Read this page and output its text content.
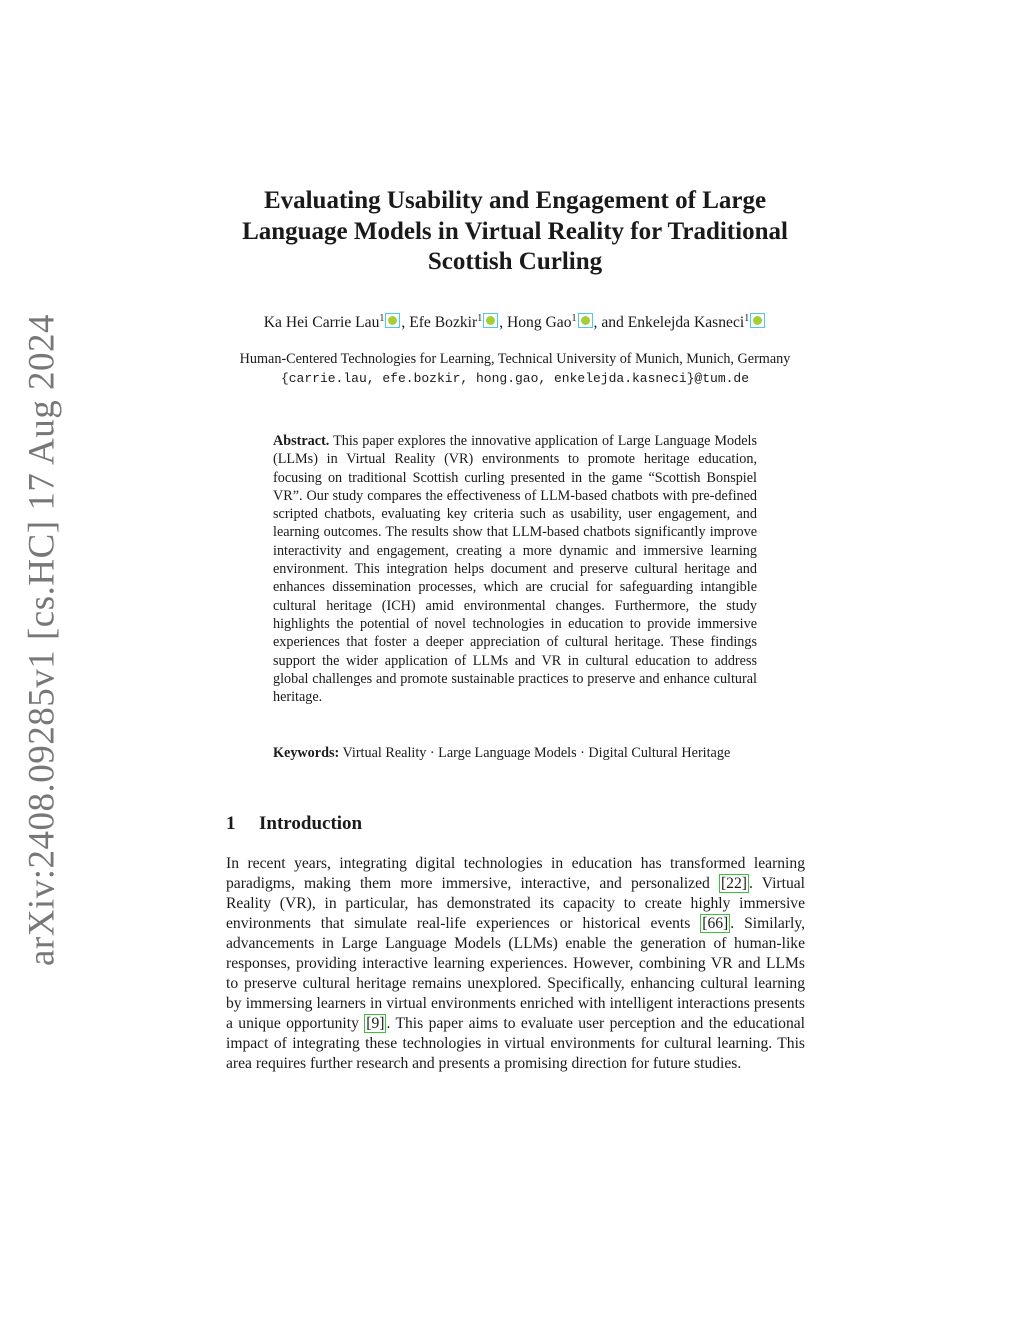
arXiv:2408.09285v1 [cs.HC] 17 Aug 2024
Evaluating Usability and Engagement of Large Language Models in Virtual Reality for Traditional Scottish Curling
Ka Hei Carrie Lau$^1$ , Efe Bozkir$^1$ , Hong Gao$^1$ , and Enkelejda Kasneci$^1$
Human-Centered Technologies for Learning, Technical University of Munich, Munich, Germany {carrie.lau, efe.bozkir, hong.gao, enkelejda.kasneci}@tum.de
Abstract. This paper explores the innovative application of Large Language Models (LLMs) in Virtual Reality (VR) environments to promote heritage education, focusing on traditional Scottish curling presented in the game “Scottish Bonspiel VR”. Our study compares the effectiveness of LLM-based chatbots with pre-defined scripted chatbots, evaluating key criteria such as usability, user engagement, and learning outcomes. The results show that LLM-based chatbots significantly improve interactivity and engagement, creating a more dynamic and immersive learning environment. This integration helps document and preserve cultural heritage and enhances dissemination processes, which are crucial for safeguarding intangible cultural heritage (ICH) amid environmental changes. Furthermore, the study highlights the potential of novel technologies in education to provide immersive experiences that foster a deeper appreciation of cultural heritage. These findings support the wider application of LLMs and VR in cultural education to address global challenges and promote sustainable practices to preserve and enhance cultural heritage.
Keywords: Virtual Reality · Large Language Models · Digital Cultural Heritage
1 Introduction
In recent years, integrating digital technologies in education has transformed learning paradigms, making them more immersive, interactive, and personalized [22] . Virtual Reality (VR), in particular, has demonstrated its capacity to create highly immersive environments that simulate real-life experiences or historical events [66] . Similarly, advancements in Large Language Models (LLMs) enable the generation of human-like responses, providing interactive learning experiences. However, combining VR and LLMs to preserve cultural heritage remains unexplored. Specifically, enhancing cultural learning by immersing learners in virtual environments enriched with intelligent interactions presents a unique opportunity [9] . This paper aims to evaluate user perception and the educational impact of integrating these technologies in virtual environments for cultural learning. This area requires further research and presents a promising direction for future studies.
